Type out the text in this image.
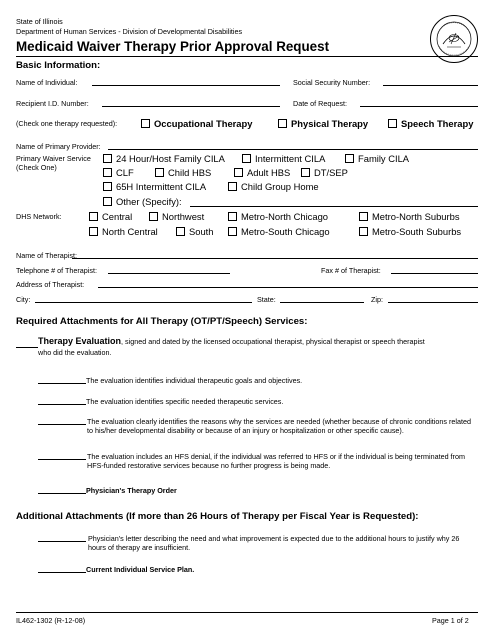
State of Illinois
Department of Human Services - Division of Developmental Disabilities
Medicaid Waiver Therapy Prior Approval Request
Basic Information:
Name of Individual:	Social Security Number:
Recipient I.D. Number:	Date of Request:
(Check one therapy requested):	Occupational Therapy	Physical Therapy	Speech Therapy
Name of Primary Provider:
Primary Waiver Service
(Check One)
24 Hour/Host Family CILA	Intermittent CILA	Family CILA
CLF	Child HBS	Adult HBS	DT/SEP
65H Intermittent CILA	Child Group Home
Other (Specify):
DHS Network:	Central	Northwest	Metro-North Chicago	Metro-North Suburbs
North Central	South	Metro-South Chicago	Metro-South Suburbs
Name of Therapist:
Telephone # of Therapist:	Fax # of Therapist:
Address of Therapist:
City:	State:	Zip:
Required Attachments for All Therapy (OT/PT/Speech) Services:
Therapy Evaluation, signed and dated by the licensed occupational therapist, physical therapist or speech therapist
who did the evaluation.
The evaluation identifies individual therapeutic goals and objectives.
The evaluation identifies specific needed therapeutic services.
The evaluation clearly identifies the reasons why the services are needed (whether because of chronic conditions related to his/her developmental disability or because of an injury or hospitalization or other specific cause).
The evaluation includes an HFS denial, if the individual was referred to HFS or if the individual is being terminated from HFS-funded restorative services because no further progress is being made.
Physician's Therapy Order
Additional Attachments (If more than 26 Hours of Therapy per Fiscal Year is Requested):
Physician's letter describing the need and what improvement is expected due to the additional hours to justify why 26 hours of therapy are insufficient.
Current Individual Service Plan.
IL462-1302 (R-12-08)	Page 1 of 2
